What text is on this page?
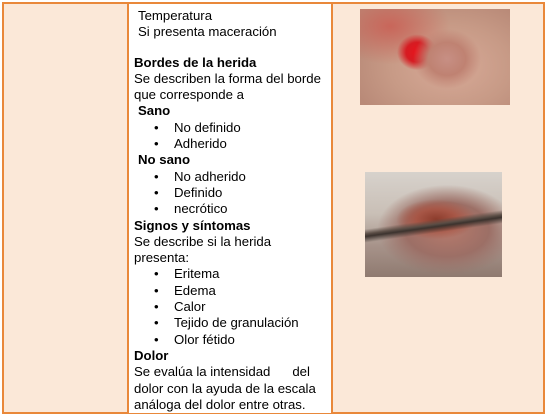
Temperatura
Si presenta maceración
Bordes de la herida
Se describen la forma del borde
que corresponde a
Sano
• No definido
• Adherido
No sano
• No adherido
• Definido
• necrótico
Signos y síntomas
Se describe si la herida
presenta:
• Eritema
• Edema
• Calor
• Tejido de granulación
• Olor fétido
Dolor
Se evalúa la intensidad      del
dolor con la ayuda de la escala
análoga del dolor entre otras.
